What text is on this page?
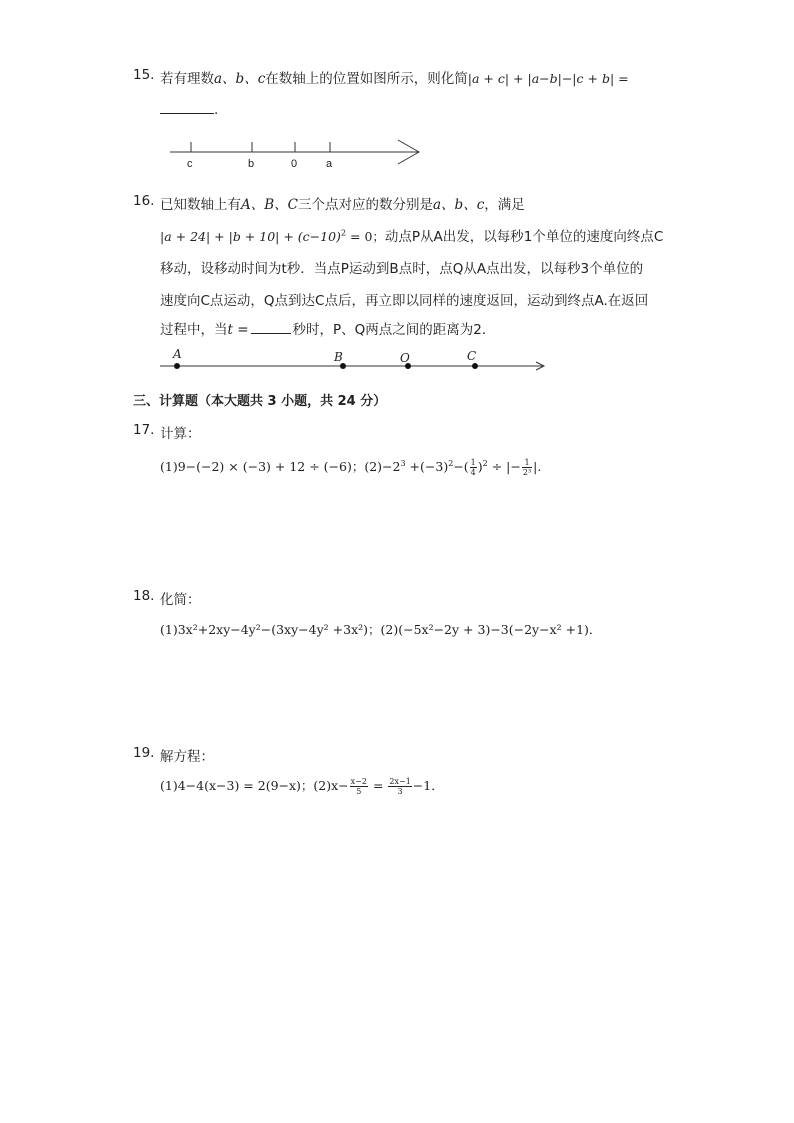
15. 若有理数a、b、c在数轴上的位置如图所示，则化简|a + c| + |a−b|−|c + b| =
.
c	b	0	a
16. 已知数轴上有A、B、C三个点对应的数分别是a、b、c，满足
$|a + 24| + |b + 10| + (c-10)^2 = 0$；动点P从A出发，以每秒1个单位的速度向终点C
移动，设移动时间为t秒．当点P运动到B点时，点Q从A点出发，以每秒3个单位的
速度向C点运动，Q点到达C点后，再立即以同样的速度返回，运动到终点A.在返回
过程中，当t =	秒时，P、Q两点之间的距离为2．
A	B	O	C
三、计算题（本大题共 3 小题，共 24 分）
17. 计算：
(1)9−(−2) × (−3) + 12 ÷ (−6)；$(2)-2^3 +(-3)^2-( \frac{1}{4} )^2$ ÷ |− $\frac{1}{\text{2³}}$ |.
18. 化简：
(1)3x²+2xy−4y²−(3xy−4y² +3x²)；(2)(−5x²−2y + 3)−3(−2y−x² +1)．
19. 解方程：
(1)4−4(x−3) = 2(9−x)；$(2)x- \frac{x-2}{5} = \frac{2x-1}{3} -1$．
